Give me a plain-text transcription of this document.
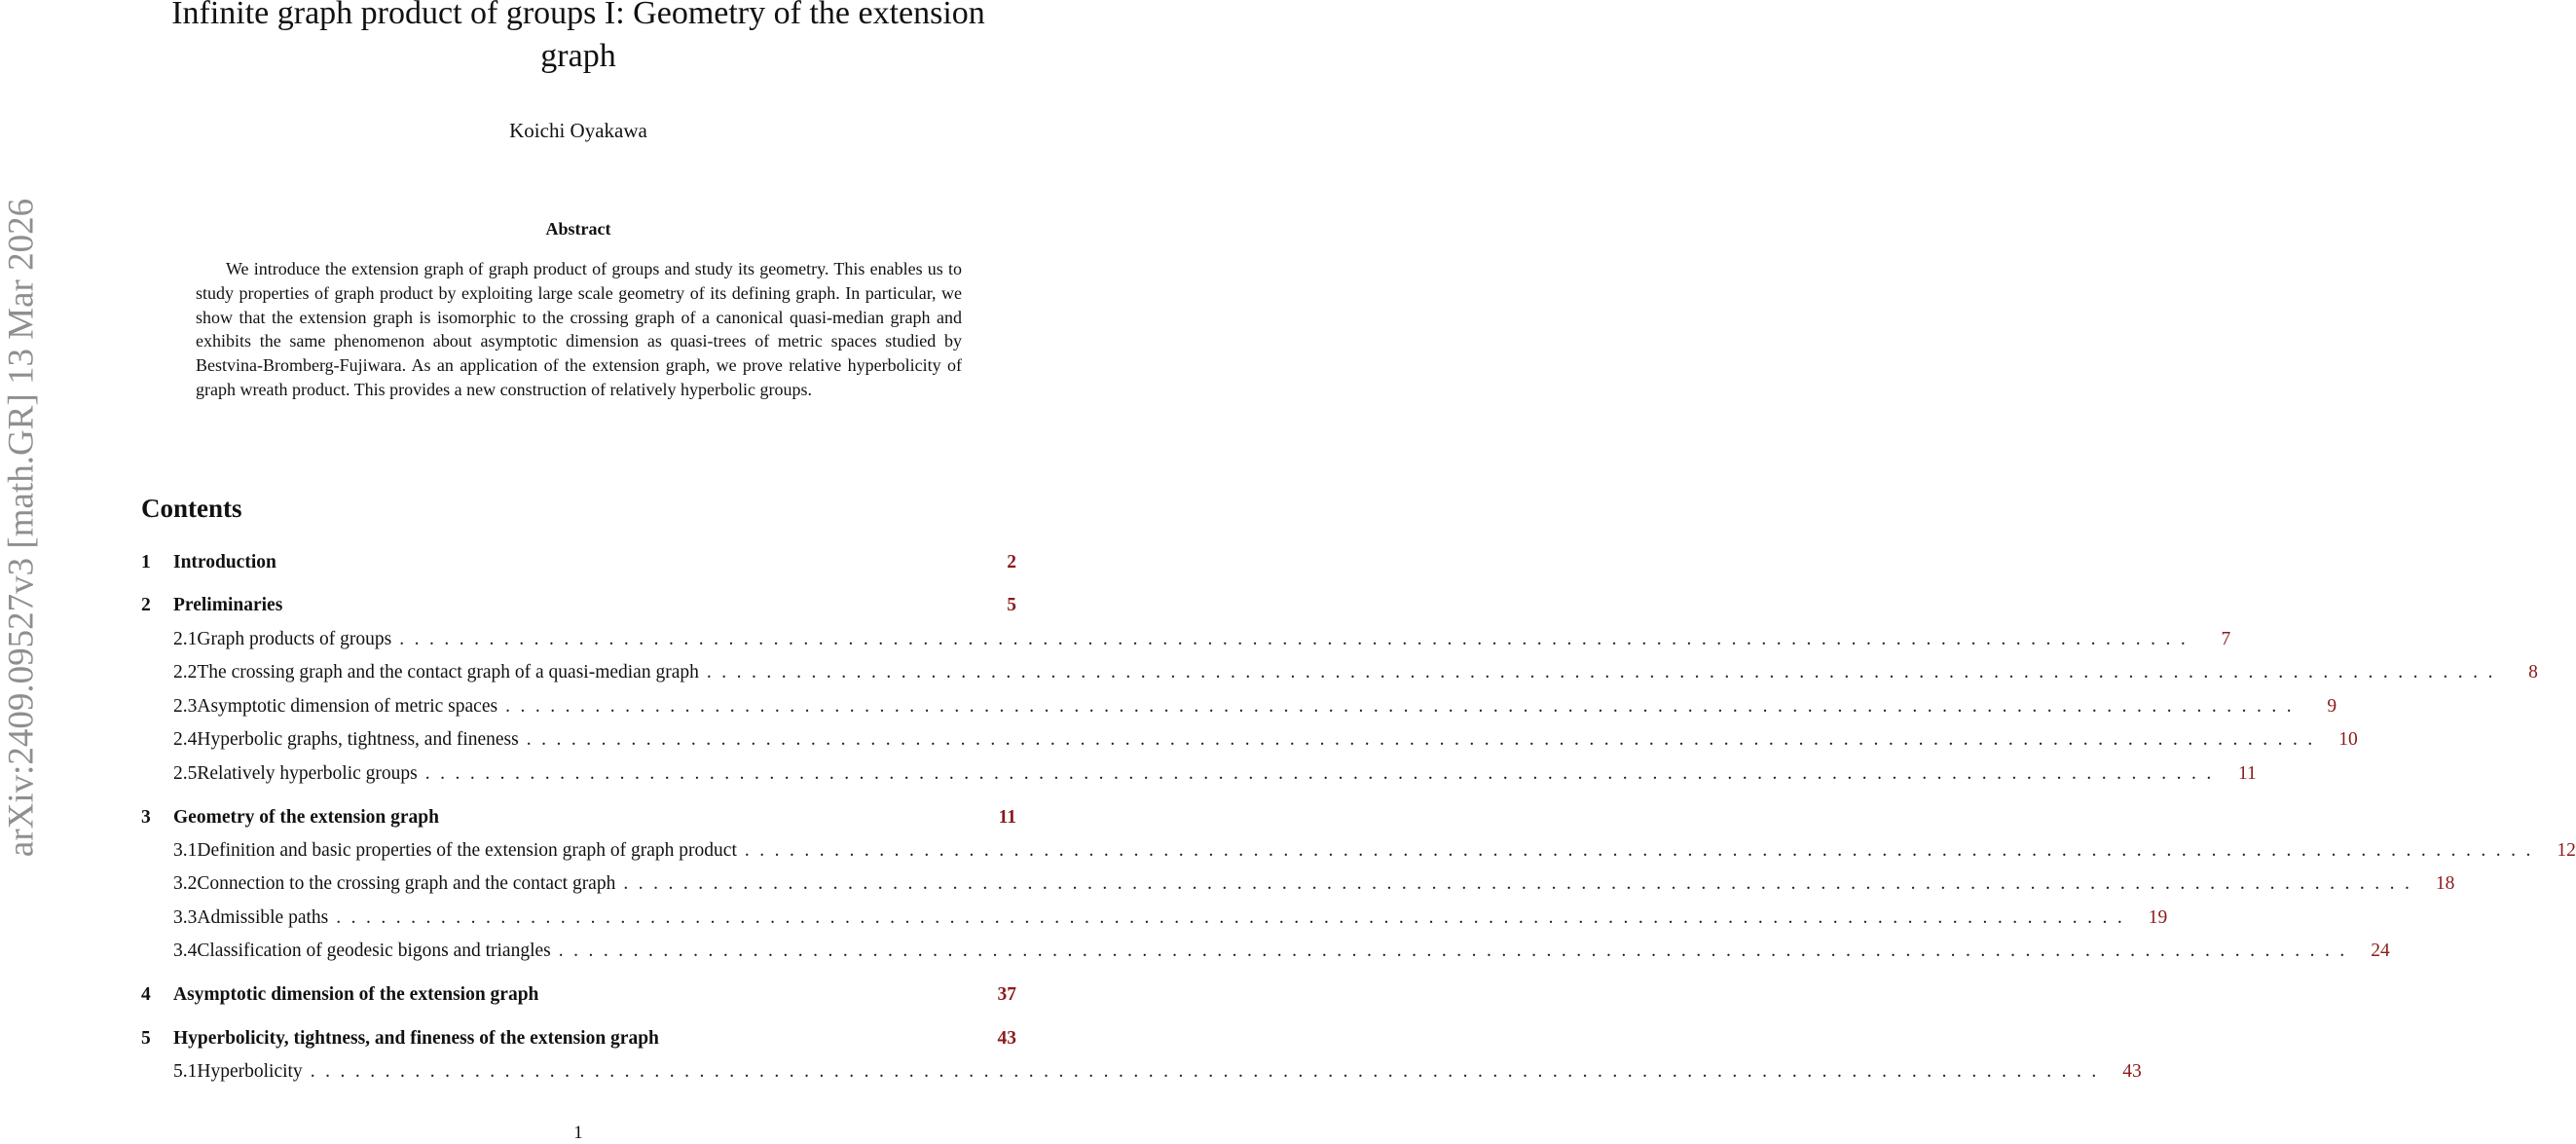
arXiv:2409.09527v3 [math.GR] 13 Mar 2026
Infinite graph product of groups I: Geometry of the extension
graph
Koichi Oyakawa
Abstract

We introduce the extension graph of graph product of groups and study its geometry. This enables us to study properties of graph product by exploiting large scale geometry of its defining graph. In particular, we show that the extension graph is isomorphic to the crossing graph of a canonical quasi-median graph and exhibits the same phenomenon about asymptotic dimension as quasi-trees of metric spaces studied by Bestvina-Bromberg-Fujiwara. As an application of the extension graph, we prove relative hyperbolicity of graph wreath product. This provides a new construction of relatively hyperbolic groups.

Contents
1	Introduction	2
2	Preliminaries	5
2.1 Graph products of groups ........................................................................................................................	7
2.2 The crossing graph and the contact graph of a quasi-median graph ........................................................................................................................	8
2.3 Asymptotic dimension of metric spaces ........................................................................................................................	9
2.4 Hyperbolic graphs, tightness, and fineness ........................................................................................................................ 10
2.5 Relatively hyperbolic groups ........................................................................................................................ 11
3	Geometry of the extension graph	11
3.1 Definition and basic properties of the extension graph of graph product ........................................................................................................................ 12
3.2 Connection to the crossing graph and the contact graph ........................................................................................................................ 18
3.3 Admissible paths ........................................................................................................................ 19
3.4 Classification of geodesic bigons and triangles ........................................................................................................................ 24
4	Asymptotic dimension of the extension graph	37
5	Hyperbolicity, tightness, and fineness of the extension graph	43
5.1 Hyperbolicity ........................................................................................................................ 43
1
